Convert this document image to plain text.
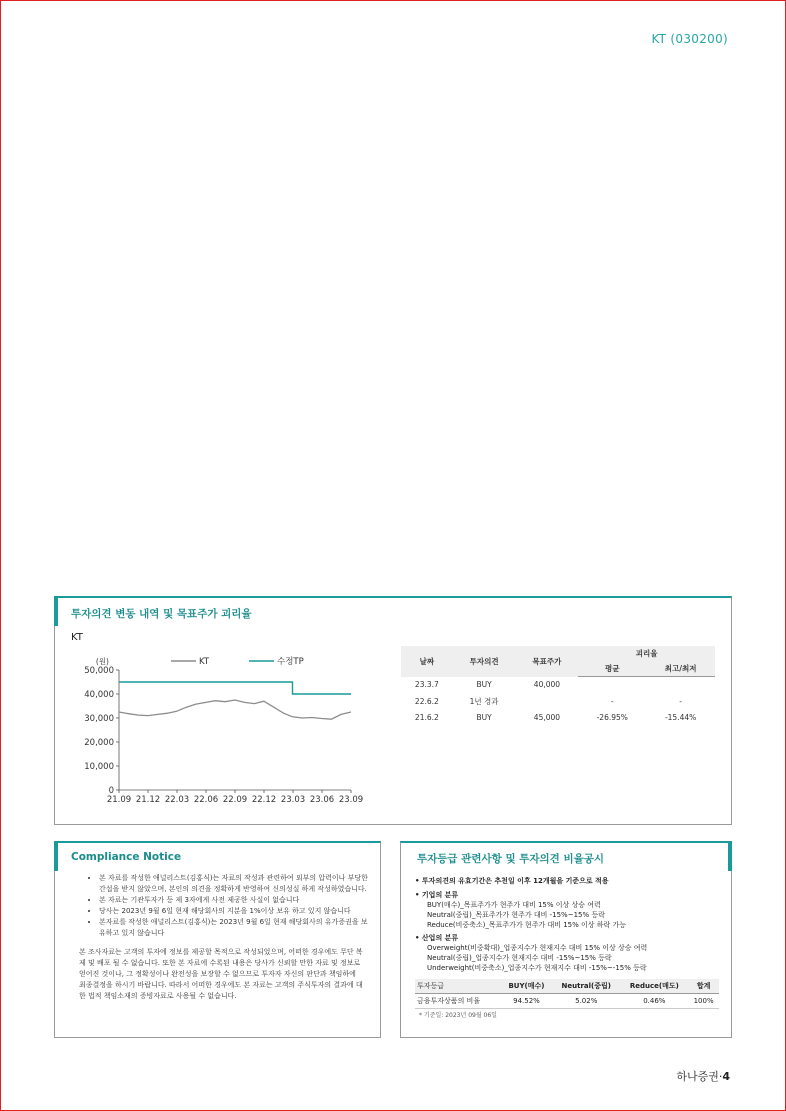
KT (030200)
투자의견 변동 내역 및 목표주가 괴리율
KT
0
10,000
20,000
30,000
40,000
50,000
(원)
21.09 21.12 22.03 22.06 22.09 22.12 23.03 23.06 23.09
KT	수정TP	날짜	투자의견	목표주가	괴리율	
			평균	최고/최저
23.3.7	BUY	40,000		
22.6.2	1년 경과		-	-
21.6.2	BUY	45,000	-26.95%	-15.44%
Compliance Notice
• 본 자료를 작성한 애널리스트(김홍식)는 자료의 작성과 관련하여 외부의 압력이나 부당한 간섭을 받지 않았으며, 본인의 의견을 정확하게 반영하여 신의성실 하게 작성하였습니다.
• 본 자료는 기관투자가 등 제 3자에게 사전 제공한 사실이 없습니다
• 당사는 2023년 9월 6일 현재 해당회사의 지분을 1%이상 보유 하고 있지 않습니다
• 본자료를 작성한 애널리스트(김홍식)는 2023년 9월 6일 현재 해당회사의 유가증권을 보유하고 있지 않습니다

본 조사자료는 고객의 투자에 정보를 제공할 목적으로 작성되었으며, 어떠한 경우에도 무단 복제 및 배포 될 수 없습니다. 또한 본 자료에 수록된 내용은 당사가 신뢰할 만한 자료 및 정보로 얻어진 것이나, 그 정확성이나 완전성을 보장할 수 없으므로 투자자 자신의 판단과 책임하에 최종결정을 하시기 바랍니다. 따라서 어떠한 경우에도 본 자료는 고객의 주식투자의 결과에 대한 법적 책임소재의 증빙자료로 사용될 수 없습니다.

투자등급 관련사항 및 투자의견 비율공시
• 투자의견의 유효기간은 추천일 이후 12개월을 기준으로 적용
• 기업의 분류
BUY(매수)_목표주가가 현주가 대비 15% 이상 상승 여력
Neutral(중립)_목표주가가 현주가 대비 -15%~15% 등락
Reduce(비중축소)_목표주가가 현주가 대비 15% 이상 하락 가능
• 산업의 분류
Overweight(비중확대)_업종지수가 현재지수 대비 15% 이상 상승 여력
Neutral(중립)_업종지수가 현재지수 대비 -15%~15% 등락
Underweight(비중축소)_업종지수가 현재지수 대비 -15%~-15% 등락
투자등급	BUY(매수)	Neutral(중립)	Reduce(매도)	합계
금융투자상품의 비율	94.52%	5.02%	0.46%	100%
* 기준일: 2023년 09월 06일
하나증권·4
